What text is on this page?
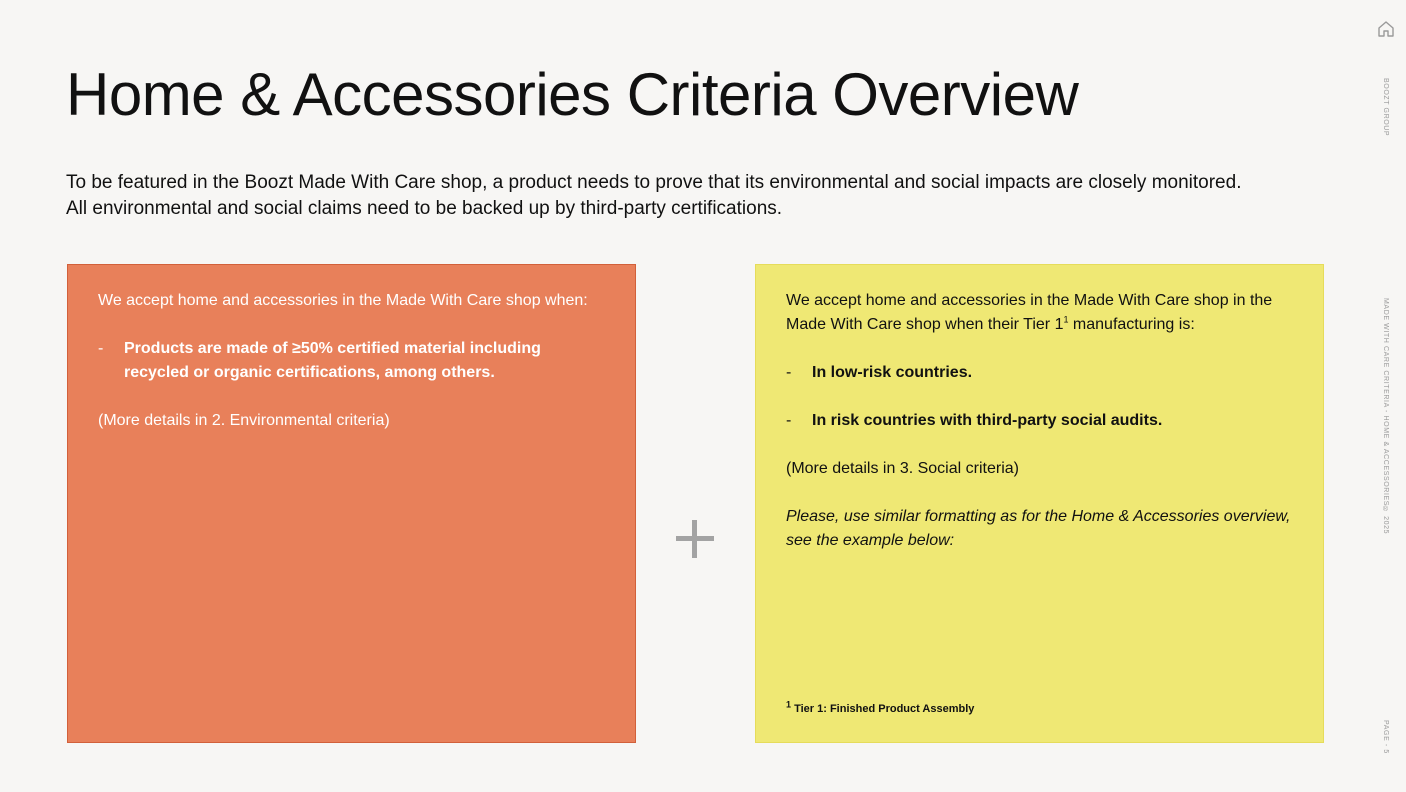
Home & Accessories Criteria Overview

To be featured in the Boozt Made With Care shop, a product needs to prove that its environmental and social impacts are closely monitored. All environmental and social claims need to be backed up by third-party certifications.

We accept home and accessories in the Made With Care shop when:

-	Products are made of ≥50% certified material including recycled or organic certifications, among others.

(More details in 2. Environmental criteria)

We accept home and accessories in the Made With Care shop in the Made With Care shop when their Tier $1^1$ manufacturing is:

-	In low-risk countries.
-	In risk countries with third-party social audits.

(More details in 3. Social criteria)

Please, use similar formatting as for the Home & Accessories overview, see the example below:

$^1$ Tier 1: Finished Product Assembly
BOOZT GROUP
MADE WITH CARE CRITERIA - HOME & ACCESSORIES® 2025
PAGE - 5
